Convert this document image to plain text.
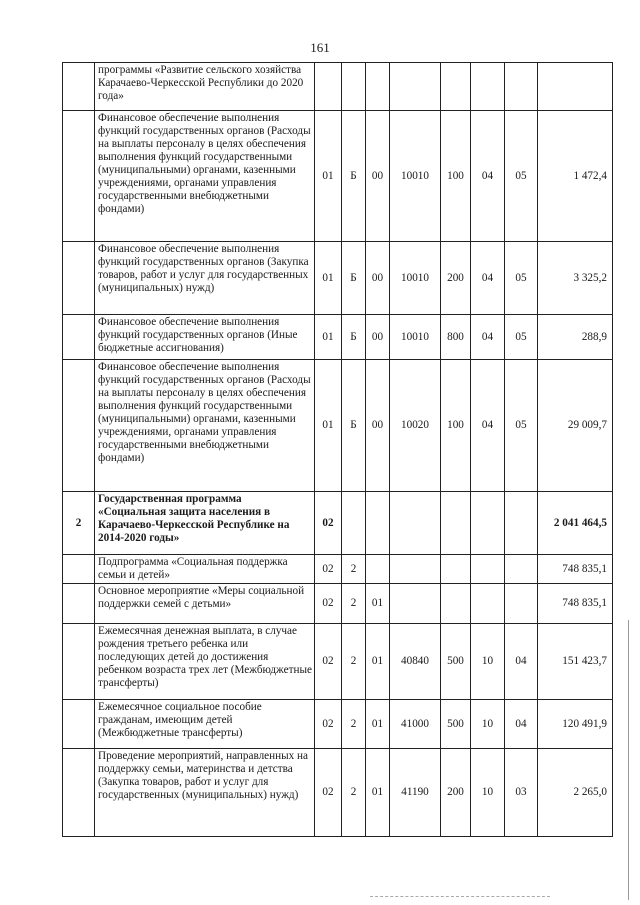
161
	программы «Развитие сельского хозяйства Карачаево-Черкесской Республики до 2020 года»								
	Финансовое обеспечение выполнения функций государственных органов (Расходы на выплаты персоналу в целях обеспечения выполнения функций государственными (муниципальными) органами, казенными учреждениями, органами управления государственными внебюджетными фондами)	01	Б	00	10010	100	04	05	1 472,4
	Финансовое обеспечение выполнения функций государственных органов (Закупка товаров, работ и услуг для государственных (муниципальных) нужд)	01	Б	00	10010	200	04	05	3 325,2
	Финансовое обеспечение выполнения функций государственных органов (Иные бюджетные ассигнования)	01	Б	00	10010	800	04	05	288,9
	Финансовое обеспечение выполнения функций государственных органов (Расходы на выплаты персоналу в целях обеспечения выполнения функций государственными (муниципальными) органами, казенными учреждениями, органами управления государственными внебюджетными фондами)	01	Б	00	10020	100	04	05	29 009,7
2	Государственная программа «Социальная защита населения в Карачаево-Черкесской Республике на 2014-2020 годы»	02							2 041 464,5
	Подпрограмма «Социальная поддержка семьи и детей»	02	2						748 835,1
	Основное мероприятие «Меры социальной поддержки семей с детьми»	02	2	01					748 835,1
	Ежемесячная денежная выплата, в случае рождения третьего ребенка или последующих детей до достижения ребенком возраста трех лет (Межбюджетные трансферты)	02	2	01	40840	500	10	04	151 423,7
	Ежемесячное социальное пособие гражданам, имеющим детей (Межбюджетные трансферты)	02	2	01	41000	500	10	04	120 491,9
	Проведение мероприятий, направленных на поддержку семьи, материнства и детства (Закупка товаров, работ и услуг для государственных (муниципальных) нужд)	02	2	01	41190	200	10	03	2 265,0
